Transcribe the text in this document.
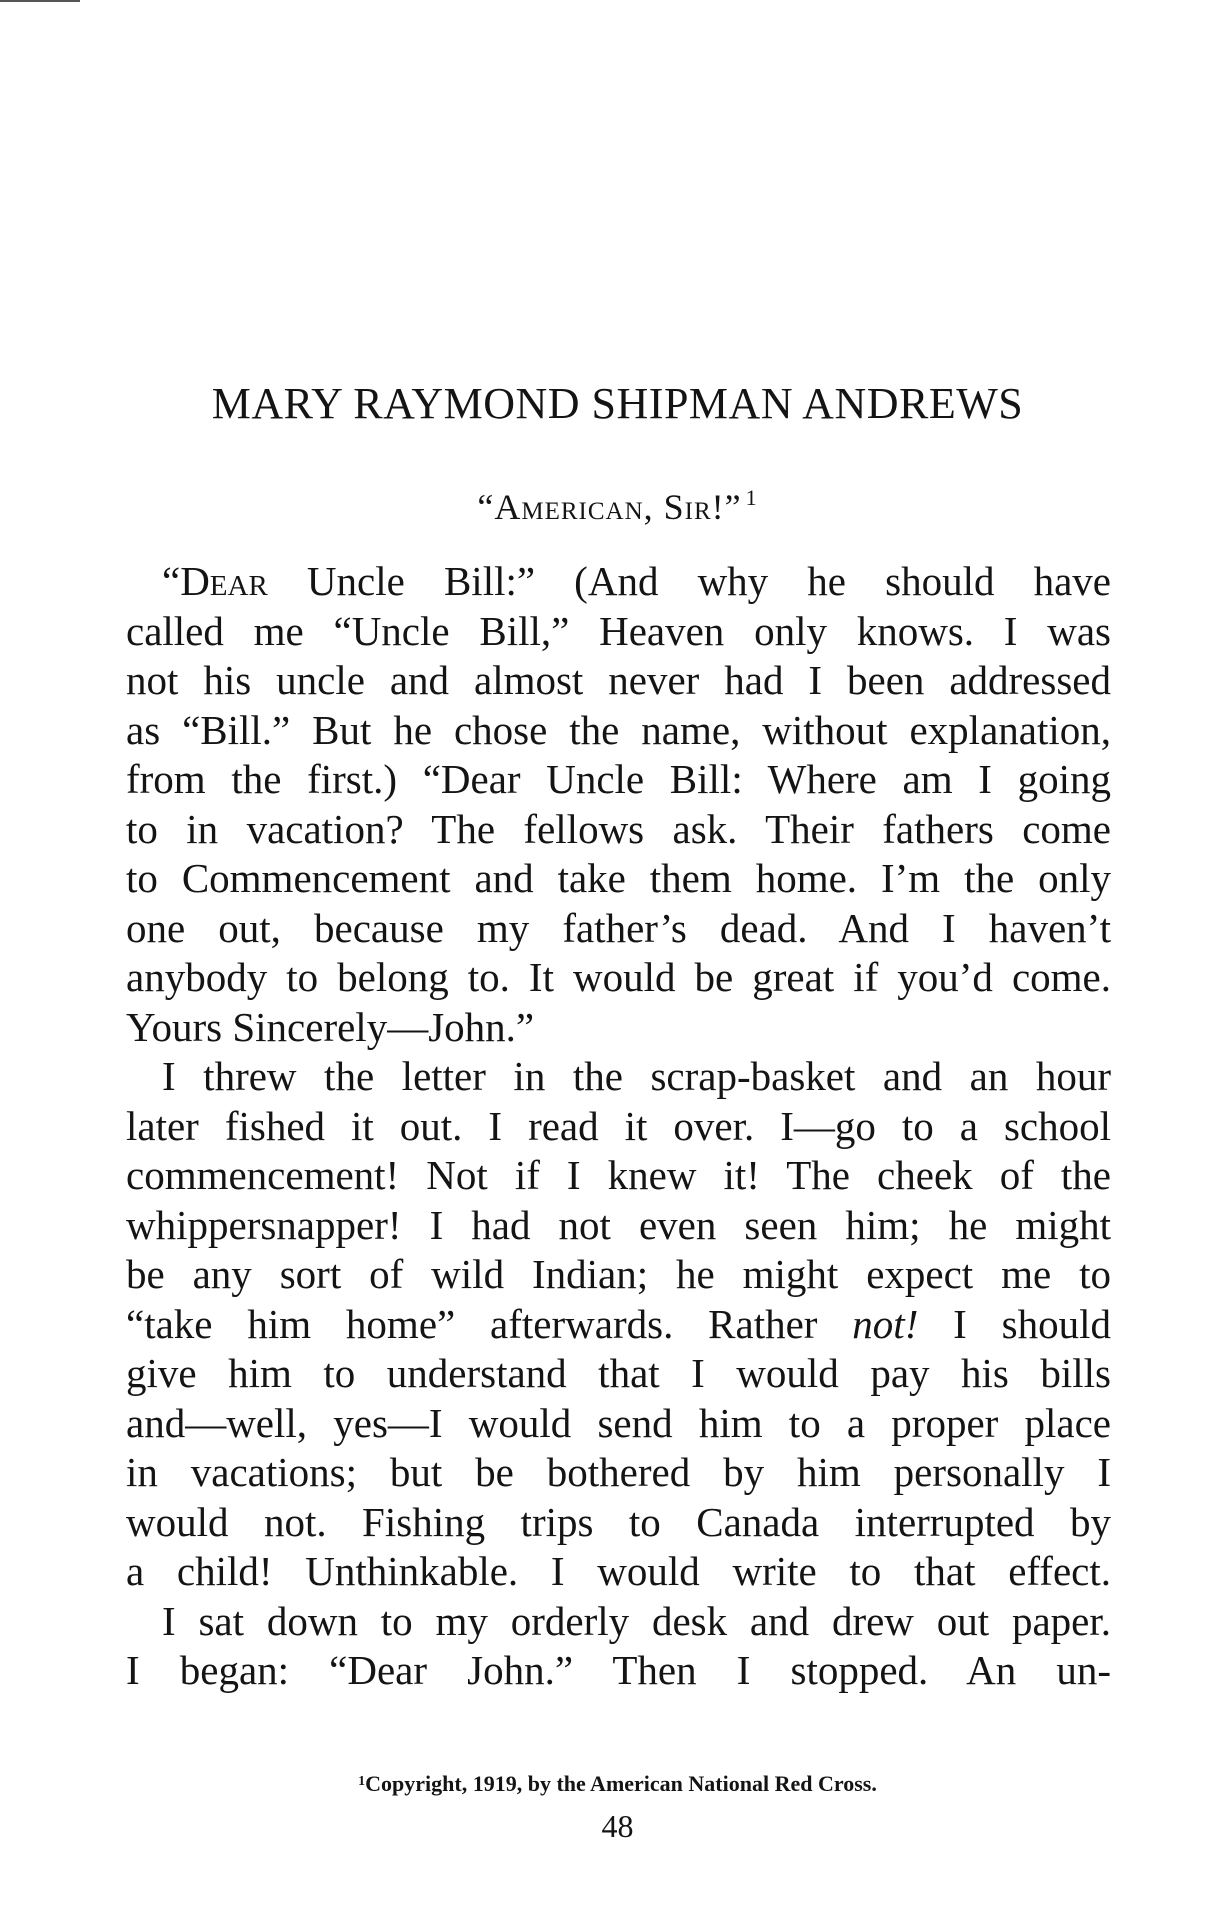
MARY RAYMOND SHIPMAN ANDREWS
“American, Sir!” $^1$
“Dear Uncle Bill:” (And why he should have
called me “Uncle Bill,” Heaven only knows. I was
not his uncle and almost never had I been addressed
as “Bill.” But he chose the name, without explanation,
from the first.) “Dear Uncle Bill: Where am I going
to in vacation? The fellows ask. Their fathers come
to Commencement and take them home. I’m the only
one out, because my father’s dead. And I haven’t
anybody to belong to. It would be great if you’d come.
Yours Sincerely—John.”
I threw the letter in the scrap-basket and an hour
later fished it out. I read it over. I—go to a school
commencement! Not if I knew it! The cheek of the
whippersnapper! I had not even seen him; he might
be any sort of wild Indian; he might expect me to
“take him home” afterwards. Rather not! I should
give him to understand that I would pay his bills
and—well, yes—I would send him to a proper place
in vacations; but be bothered by him personally I
would not. Fishing trips to Canada interrupted by
a child! Unthinkable. I would write to that effect.
I sat down to my orderly desk and drew out paper.
I began: “Dear John.” Then I stopped. An un-
$^1$Copyright, 1919, by the American National Red Cross.
48
